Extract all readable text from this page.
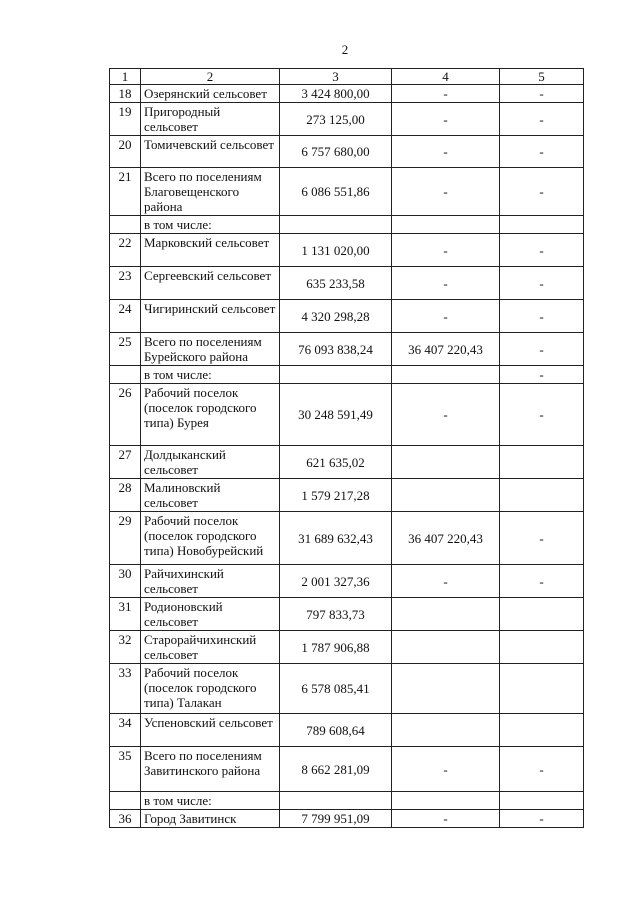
2
1	2	3	4	5
18	Озерянский сельсовет	3 424 800,00	-	-
19	Пригородный сельсовет	273 125,00	-	-
20	Томичевский сельсовет	6 757 680,00	-	-
21	Всего по поселениям Благовещенского района	6 086 551,86	-	-
	в том числе:			
22	Марковский сельсовет	1 131 020,00	-	-
23	Сергеевский сельсовет	635 233,58	-	-
24	Чигиринский сельсовет	4 320 298,28	-	-
25	Всего по поселениям Бурейского района	76 093 838,24	36 407 220,43	-
	в том числе:			-
26	Рабочий поселок (поселок городского типа) Бурея	30 248 591,49	-	-
27	Долдыканский сельсовет	621 635,02		
28	Малиновский сельсовет	1 579 217,28		
29	Рабочий поселок (поселок городского типа) Новобурейский	31 689 632,43	36 407 220,43	-
30	Райчихинский сельсовет	2 001 327,36	-	-
31	Родионовский сельсовет	797 833,73		
32	Старорайчихинский сельсовет	1 787 906,88		
33	Рабочий поселок (поселок городского типа) Талакан	6 578 085,41		
34	Успеновский сельсовет	789 608,64		
35	Всего по поселениям Завитинского района	8 662 281,09	-	-
	в том числе:			
36	Город Завитинск	7 799 951,09	-	-
